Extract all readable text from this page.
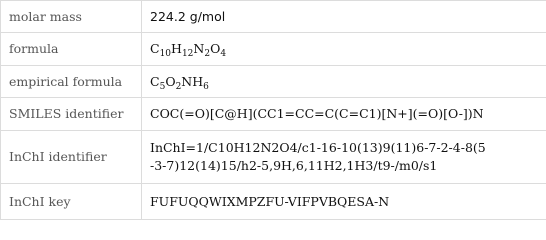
molar mass	224.2 g/mol
formula	$C_{10}H_{12}N_2O_4$
empirical formula	$C_5O_2NH_6$
SMILES identifier	COC(=O)[C@H](CC1=CC=C(C=C1)[N+](=O)[O-])N
InChI identifier	InChI=1/C10H12N2O4/c1-16-10(13)9(11)6-7-2-4-8(5
-3-7)12(14)15/h2-5,9H,6,11H2,1H3/t9-/m0/s1

InChI key	FUFUQQWIXMPZFU-VIFPVBQESA-N
